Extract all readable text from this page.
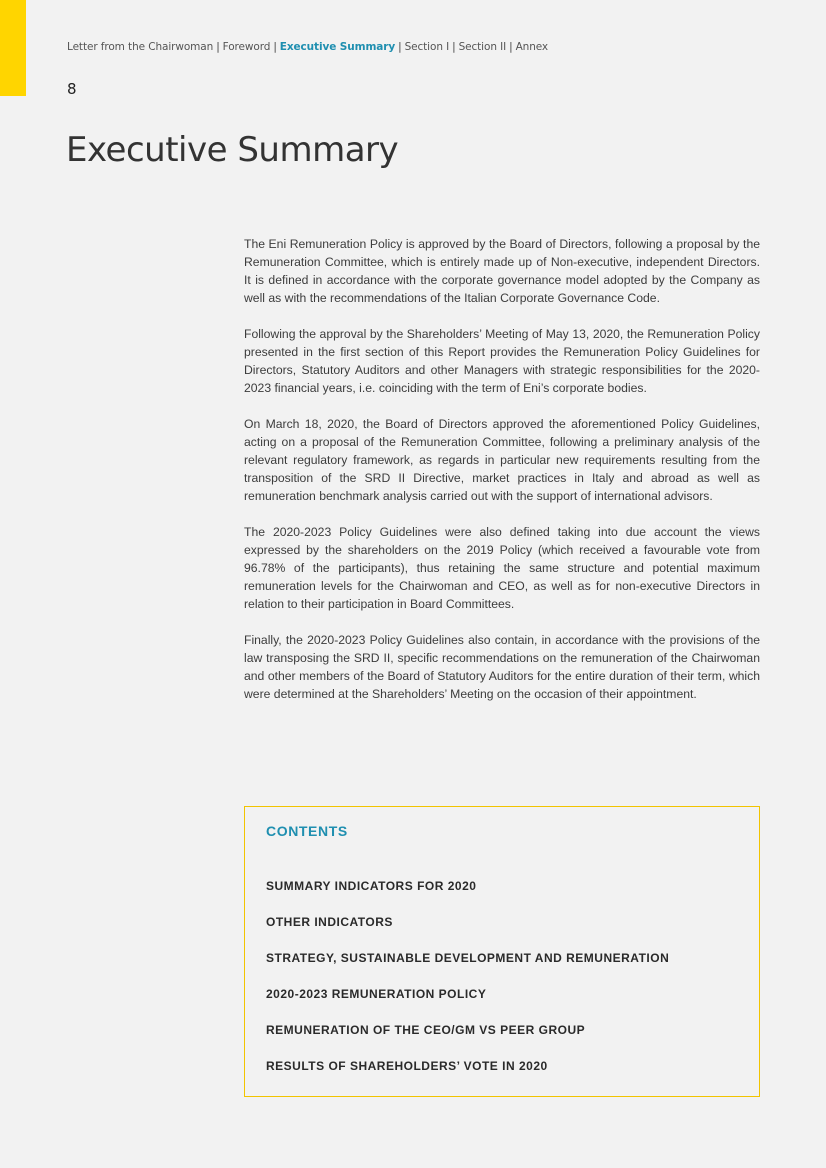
Letter from the Chairwoman | Foreword | Executive Summary | Section I | Section II | Annex
8
Executive Summary

The Eni Remuneration Policy is approved by the Board of Directors, following a proposal by the Remuneration Committee, which is entirely made up of Non-executive, independent Directors. It is defined in accordance with the corporate governance model adopted by the Company as well as with the recommendations of the Italian Corporate Governance Code.

Following the approval by the Shareholders’ Meeting of May 13, 2020, the Remuneration Policy presented in the first section of this Report provides the Remuneration Policy Guidelines for Directors, Statutory Auditors and other Managers with strategic responsibilities for the 2020-2023 financial years, i.e. coinciding with the term of Eni’s corporate bodies.

On March 18, 2020, the Board of Directors approved the aforementioned Policy Guidelines, acting on a proposal of the Remuneration Committee, following a preliminary analysis of the relevant regulatory framework, as regards in particular new requirements resulting from the transposition of the SRD II Directive, market practices in Italy and abroad as well as remuneration benchmark analysis carried out with the support of international advisors.

The 2020-2023 Policy Guidelines were also defined taking into due account the views expressed by the shareholders on the 2019 Policy (which received a favourable vote from 96.78% of the participants), thus retaining the same structure and potential maximum remuneration levels for the Chairwoman and CEO, as well as for non-executive Directors in relation to their participation in Board Committees.

Finally, the 2020-2023 Policy Guidelines also contain, in accordance with the provisions of the law transposing the SRD II, specific recommendations on the remuneration of the Chairwoman and other members of the Board of Statutory Auditors for the entire duration of their term, which were determined at the Shareholders’ Meeting on the occasion of their appointment.

CONTENTS
SUMMARY INDICATORS FOR 2020
OTHER INDICATORS
STRATEGY, SUSTAINABLE DEVELOPMENT AND REMUNERATION
2020-2023 REMUNERATION POLICY
REMUNERATION OF THE CEO/GM VS PEER GROUP
RESULTS OF SHAREHOLDERS’ VOTE IN 2020
